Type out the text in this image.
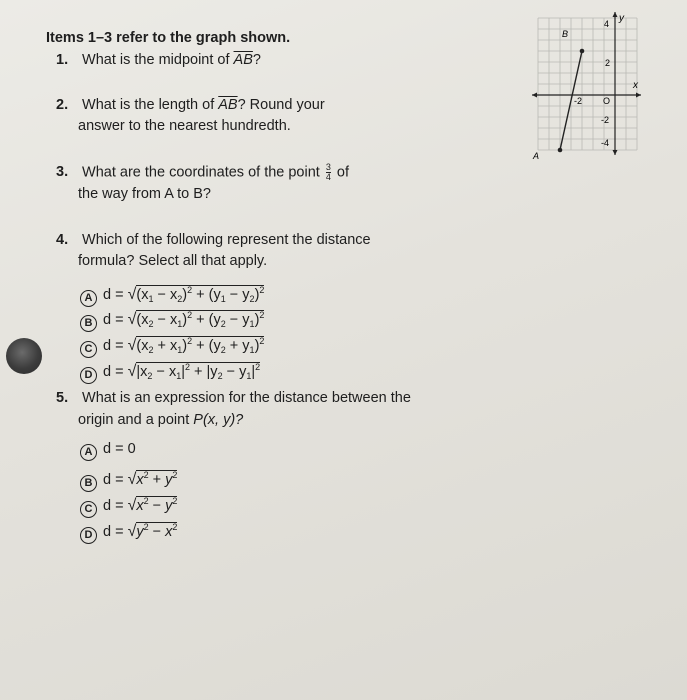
Items 1–3 refer to the graph shown.
1. What is the midpoint of $\overline{AB}$?
2. What is the length of $\overline{AB}$? Round your
answer to the nearest hundredth.
3. What are the coordinates of the point $\frac{3}{4}$ of
the way from A to B?
4. Which of the following represent the distance
formula? Select all that apply.
A $d = √(x_1 - x_2)^2 + (y_1 - y_2)^2$
B $d = √(x_2 - x_1)^2 + (y_2 - y_1)^2$
C $d = √(x_2 + x_1)^2 + (y_2 + y_1)^2$
D $d = √|x_2 - x_1|^2 + |y_2 - y_1|^2$
5. What is an expression for the distance between the
origin and a point P(x, y)?
A d = 0
B $d = √x^2 + y^2$
C $d = √x^2 - y^2$
D $d = √y^2 - x^2$
x
y
4
2
-2
-4
-2 O
A
B
